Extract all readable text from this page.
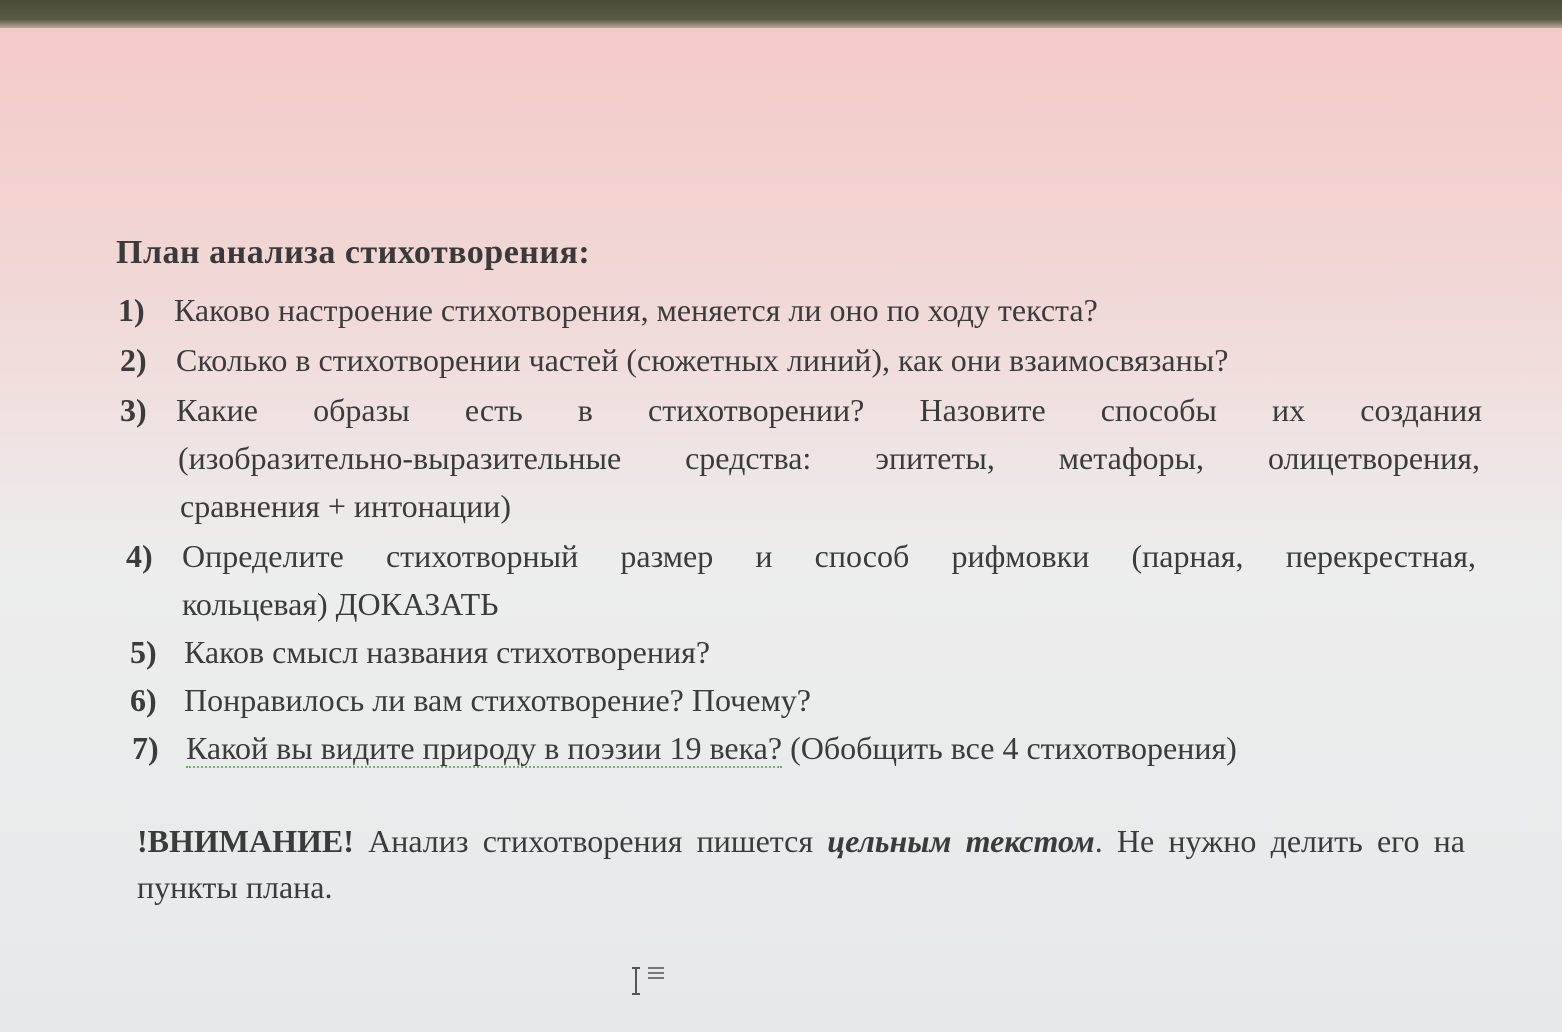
План анализа стихотворения:
1) Каково настроение стихотворения, меняется ли оно по ходу текста?
2) Сколько в стихотворении частей (сюжетных линий), как они взаимосвязаны?
3) Какие образы есть в стихотворении? Назовите способы их создания
(изобразительно-выразительные средства: эпитеты, метафоры, олицетворения,
сравнения + интонации)
4) Определите стихотворный размер и способ рифмовки (парная, перекрестная,
кольцевая) ДОКАЗАТЬ
5) Каков смысл названия стихотворения?
6) Понравилось ли вам стихотворение? Почему?
7) Какой вы видите природу в поэзии 19 века? (Обобщить все 4 стихотворения)

!ВНИМАНИЕ! Анализ стихотворения пишется цельным текстом. Не нужно делить его на пункты плана.
